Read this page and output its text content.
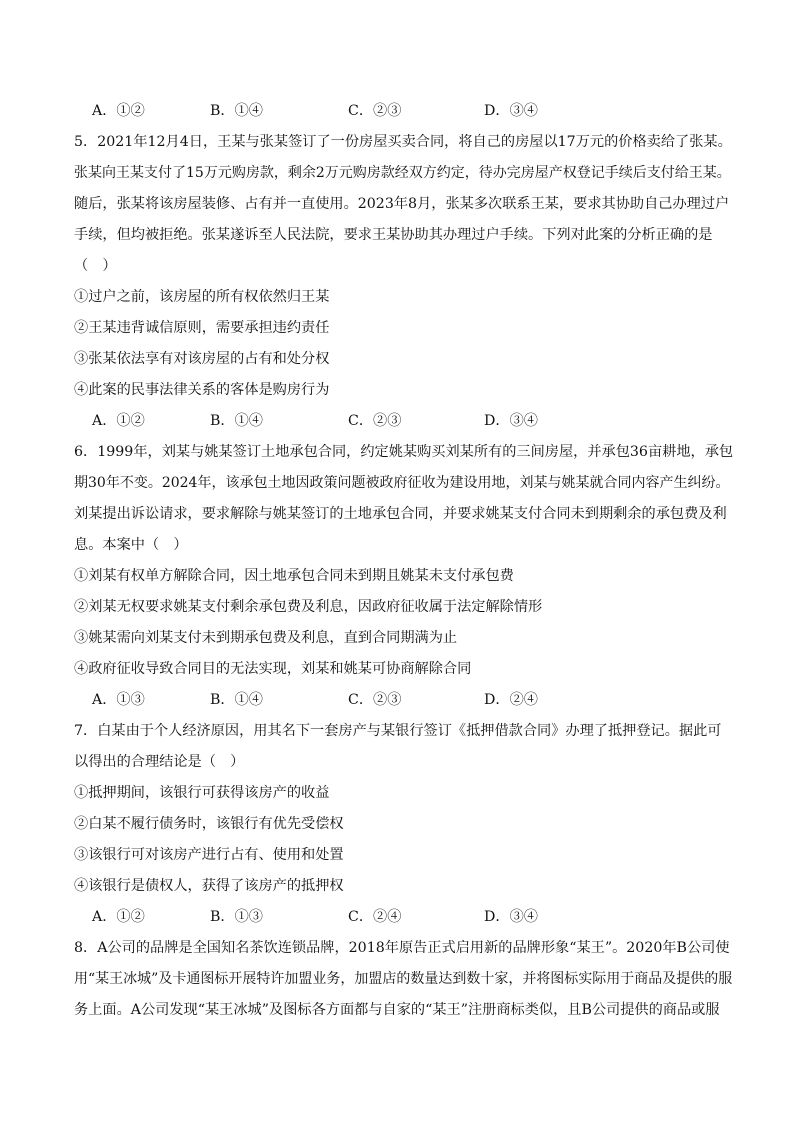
A．①②	B．①④	C．②③	D．③④
5．2021年12月4日，王某与张某签订了一份房屋买卖合同，将自己的房屋以17万元的价格卖给了张某。
张某向王某支付了15万元购房款，剩余2万元购房款经双方约定，待办完房屋产权登记手续后支付给王某。
随后，张某将该房屋装修、占有并一直使用。2023年8月，张某多次联系王某，要求其协助自己办理过户
手续，但均被拒绝。张某遂诉至人民法院，要求王某协助其办理过户手续。下列对此案的分析正确的是
（　）
①过户之前，该房屋的所有权依然归王某
②王某违背诚信原则，需要承担违约责任
③张某依法享有对该房屋的占有和处分权
④此案的民事法律关系的客体是购房行为
A．①②	B．①④	C．②③	D．③④
6．1999年，刘某与姚某签订土地承包合同，约定姚某购买刘某所有的三间房屋，并承包36亩耕地，承包
期30年不变。2024年，该承包土地因政策问题被政府征收为建设用地，刘某与姚某就合同内容产生纠纷。
刘某提出诉讼请求，要求解除与姚某签订的土地承包合同，并要求姚某支付合同未到期剩余的承包费及利
息。本案中（　）
①刘某有权单方解除合同，因土地承包合同未到期且姚某未支付承包费
②刘某无权要求姚某支付剩余承包费及利息，因政府征收属于法定解除情形
③姚某需向刘某支付未到期承包费及利息，直到合同期满为止
④政府征收导致合同目的无法实现，刘某和姚某可协商解除合同
A．①③	B．①④	C．②③	D．②④
7．白某由于个人经济原因，用其名下一套房产与某银行签订《抵押借款合同》办理了抵押登记。据此可
以得出的合理结论是（　）
①抵押期间，该银行可获得该房产的收益
②白某不履行债务时，该银行有优先受偿权
③该银行可对该房产进行占有、使用和处置
④该银行是债权人，获得了该房产的抵押权
A．①②	B．①③	C．②④	D．③④
8．A公司的品牌是全国知名茶饮连锁品牌，2018年原告正式启用新的品牌形象“某王”。2020年B公司使
用“某王冰城”及卡通图标开展特许加盟业务，加盟店的数量达到数十家，并将图标实际用于商品及提供的服
务上面。A公司发现“某王冰城”及图标各方面都与自家的“某王”注册商标类似，且B公司提供的商品或服
